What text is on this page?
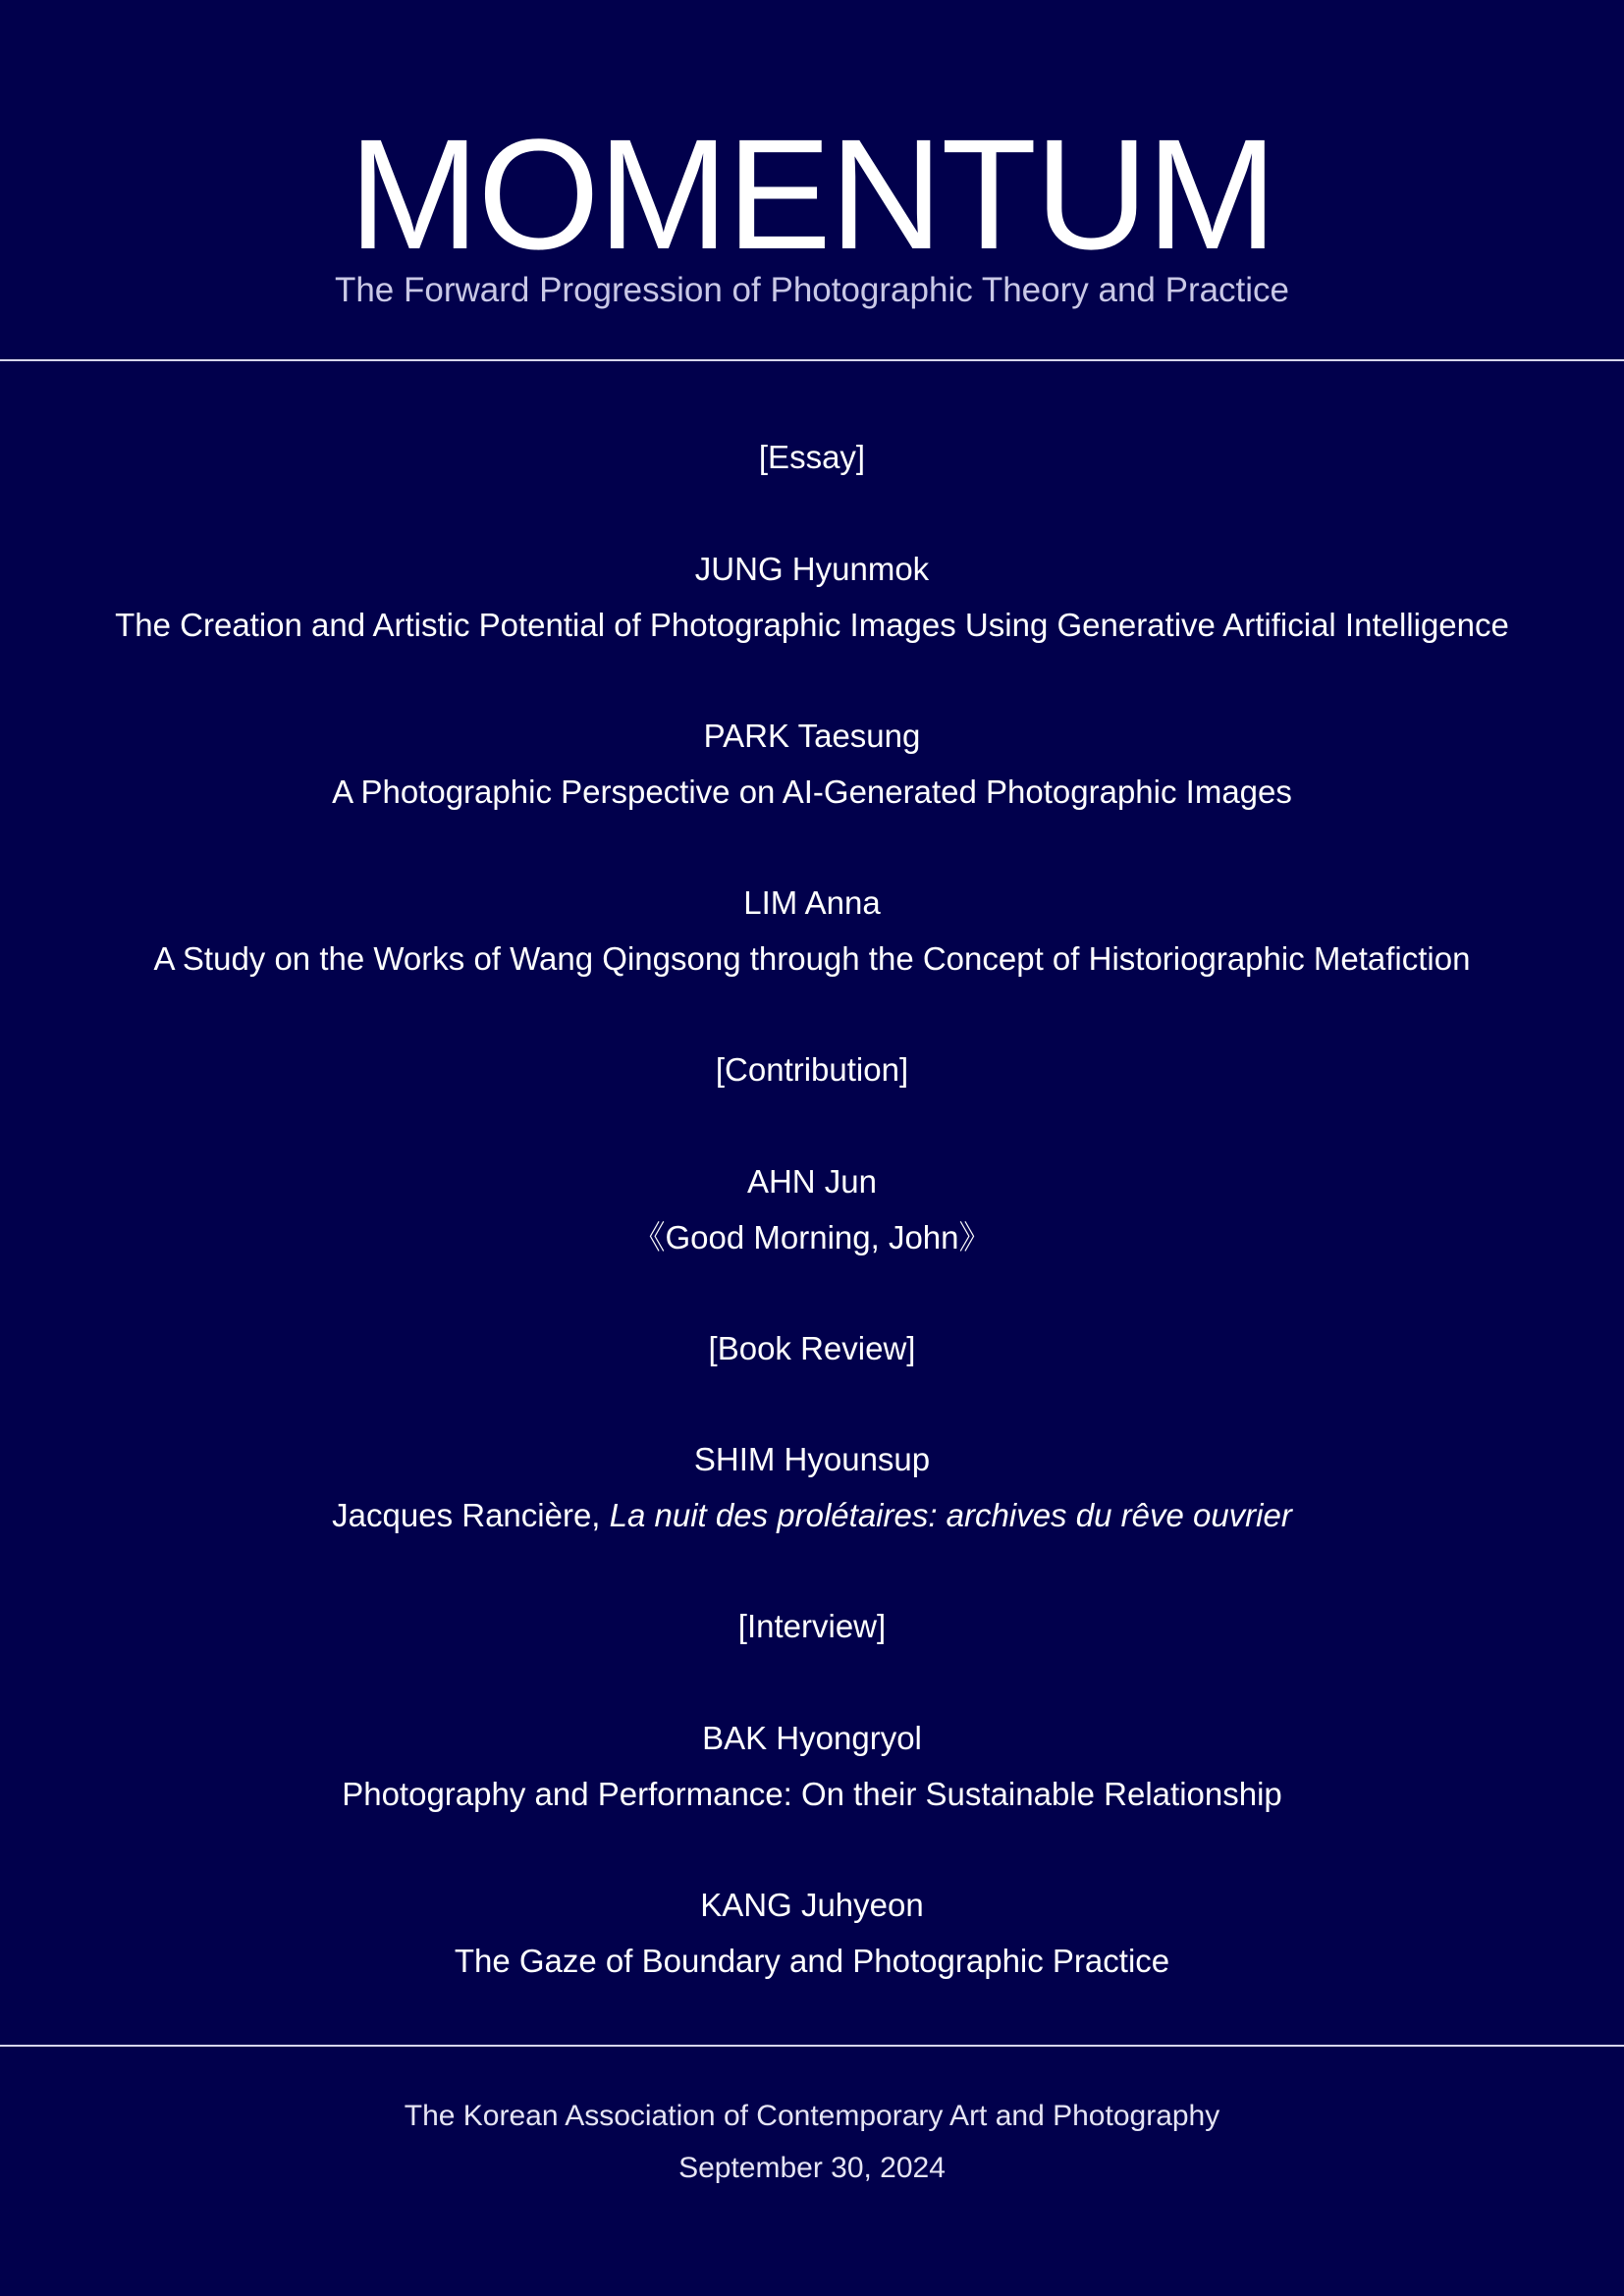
MOMENTUM
The Forward Progression of Photographic Theory and Practice
[Essay]
JUNG Hyunmok
The Creation and Artistic Potential of Photographic Images Using Generative Artificial Intelligence
PARK Taesung
A Photographic Perspective on AI-Generated Photographic Images
LIM Anna
A Study on the Works of Wang Qingsong through the Concept of Historiographic Metafiction
[Contribution]
AHN Jun
《Good Morning, John》
[Book Review]
SHIM Hyounsup
Jacques Rancière, La nuit des prolétaires: archives du rêve ouvrier
[Interview]
BAK Hyongryol
Photography and Performance: On their Sustainable Relationship
KANG Juhyeon
The Gaze of Boundary and Photographic Practice
The Korean Association of Contemporary Art and Photography
September 30, 2024
